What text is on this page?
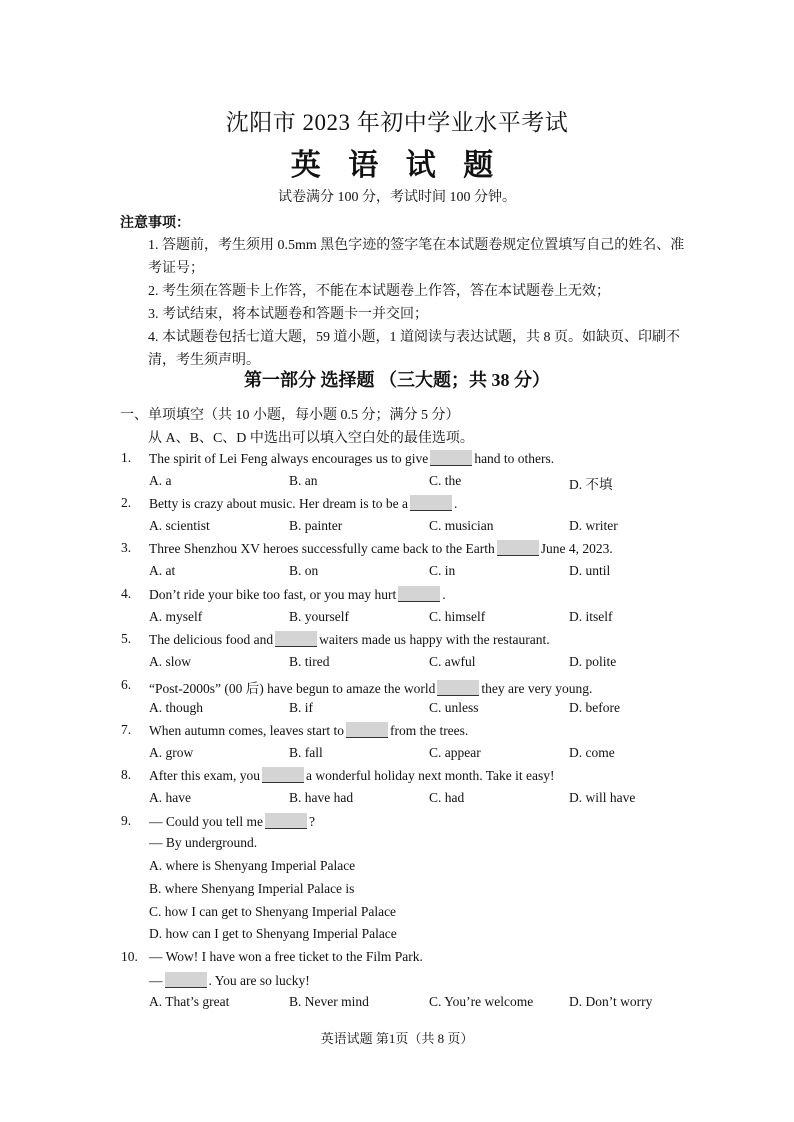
沈阳市 2023 年初中学业水平考试
英 语 试 题
试卷满分 100 分，考试时间 100 分钟。
注意事项：
1. 答题前，考生须用 0.5mm 黑色字迹的签字笔在本试题卷规定位置填写自己的姓名、准考证号；
2. 考生须在答题卡上作答，不能在本试题卷上作答，答在本试题卷上无效；
3. 考试结束，将本试题卷和答题卡一并交回；
4. 本试题卷包括七道大题，59 道小题，1 道阅读与表达试题，共 8 页。如缺页、印刷不清，考生须声明。
第一部分 选择题 （三大题；共 38 分）
一、单项填空（共 10 小题，每小题 0.5 分；满分 5 分）
从 A、B、C、D 中选出可以填入空白处的最佳选项。
1. The spirit of Lei Feng always encourages us to give	hand to others.
A. a	B. an	C. the	D. 不填
2. Betty is crazy about music. Her dream is to be a	.
A. scientist	B. painter	C. musician	D. writer
3. Three Shenzhou XV heroes successfully came back to the Earth	June 4, 2023.
A. at	B. on	C. in	D. until
4. Don’t ride your bike too fast, or you may hurt	.
A. myself	B. yourself	C. himself	D. itself
5. The delicious food and	waiters made us happy with the restaurant.
A. slow	B. tired	C. awful	D. polite
6. “Post-2000s” (00 后) have begun to amaze the world	they are very young.
A. though	B. if	C. unless	D. before
7. When autumn comes, leaves start to	from the trees.
A. grow	B. fall	C. appear	D. come
8. After this exam, you	a wonderful holiday next month. Take it easy!
A. have	B. have had	C. had	D. will have
9. — Could you tell me	?
— By underground.
A. where is Shenyang Imperial Palace
B. where Shenyang Imperial Palace is
C. how I can get to Shenyang Imperial Palace
D. how can I get to Shenyang Imperial Palace
10. — Wow! I have won a free ticket to the Film Park.
—	. You are so lucky!
A. That’s great	B. Never mind	C. You’re welcome	D. Don’t worry
英语试题 第1页（共 8 页）
